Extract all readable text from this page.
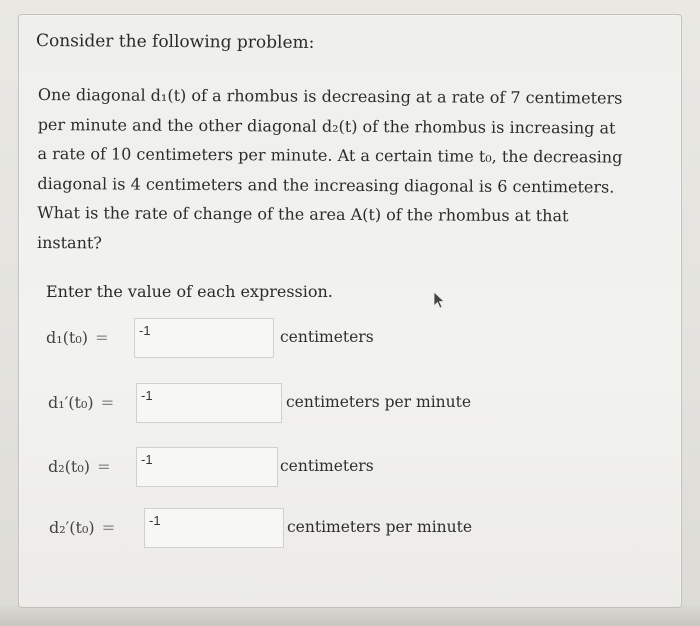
Consider the following problem:
One diagonal d₁(t) of a rhombus is decreasing at a rate of 7 centimeters
per minute and the other diagonal d₂(t) of the rhombus is increasing at
a rate of 10 centimeters per minute. At a certain time t₀, the decreasing
diagonal is 4 centimeters and the increasing diagonal is 6 centimeters.
What is the rate of change of the area A(t) of the rhombus at that
instant?
Enter the value of each expression.
d₁(t₀) =
-1	centimeters
d₁′(t₀) =
-1	centimeters per minute
d₂(t₀) =
-1	centimeters
d₂′(t₀) =
-1	centimeters per minute
